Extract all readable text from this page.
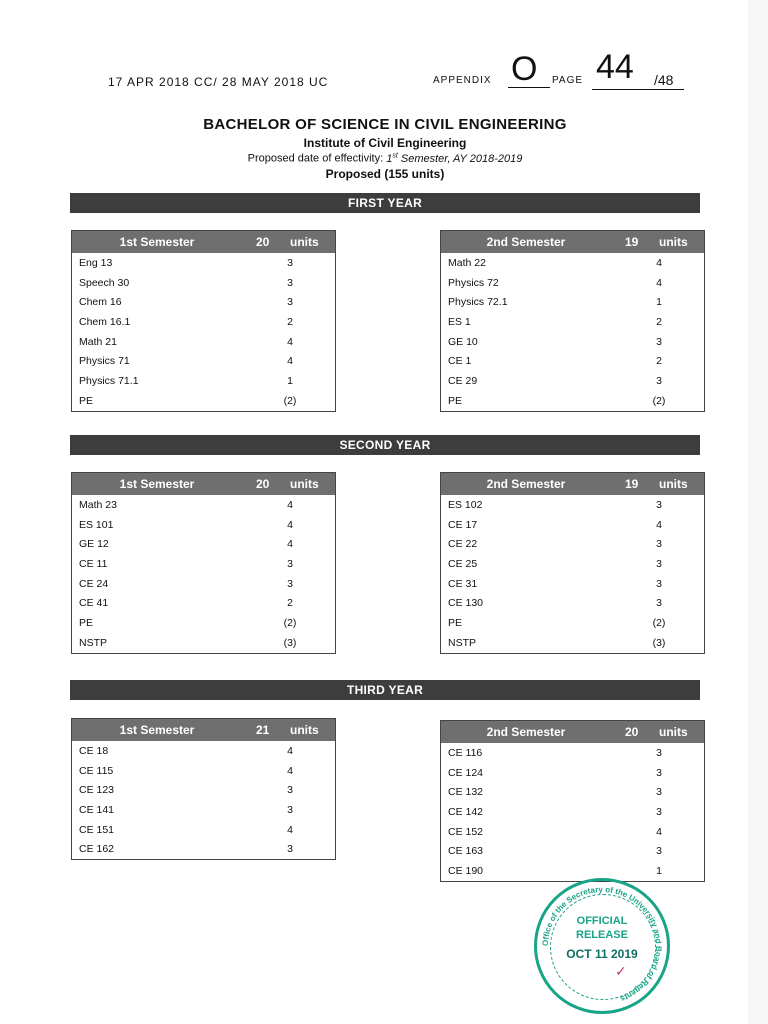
17 APR 2018 CC/ 28 MAY 2018 UC	APPENDIX O PAGE 44 /48
BACHELOR OF SCIENCE IN CIVIL ENGINEERING
Institute of Civil Engineering
Proposed date of effectivity: 1st Semester, AY 2018-2019
Proposed (155 units)
FIRST YEAR
1st Semester	20 units
Eng 13	3
Speech 30	3
Chem 16	3
Chem 16.1	2
Math 21	4
Physics 71	4
Physics 71.1	1
PE	(2)
2nd Semester	19 units
Math 22	4
Physics 72	4
Physics 72.1	1
ES 1	2
GE 10	3
CE 1	2
CE 29	3
PE	(2)
SECOND YEAR
1st Semester	20 units
Math 23	4
ES 101	4
GE 12	4
CE 11	3
CE 24	3
CE 41	2
PE	(2)
NSTP	(3)
2nd Semester	19 units
ES 102	3
CE 17	4
CE 22	3
CE 25	3
CE 31	3
CE 130	3
PE	(2)
NSTP	(3)
THIRD YEAR
1st Semester	21 units
CE 18	4
CE 115	4
CE 123	3
CE 141	3
CE 151	4
CE 162	3
2nd Semester	20 units
CE 116	3
CE 124	3
CE 132	3
CE 142	3
CE 152	4
CE 163	3
CE 190	1
Office of the Secretary of the University and Board of Regents
OFFICIAL
RELEASE
OCT 11 2019
✓
